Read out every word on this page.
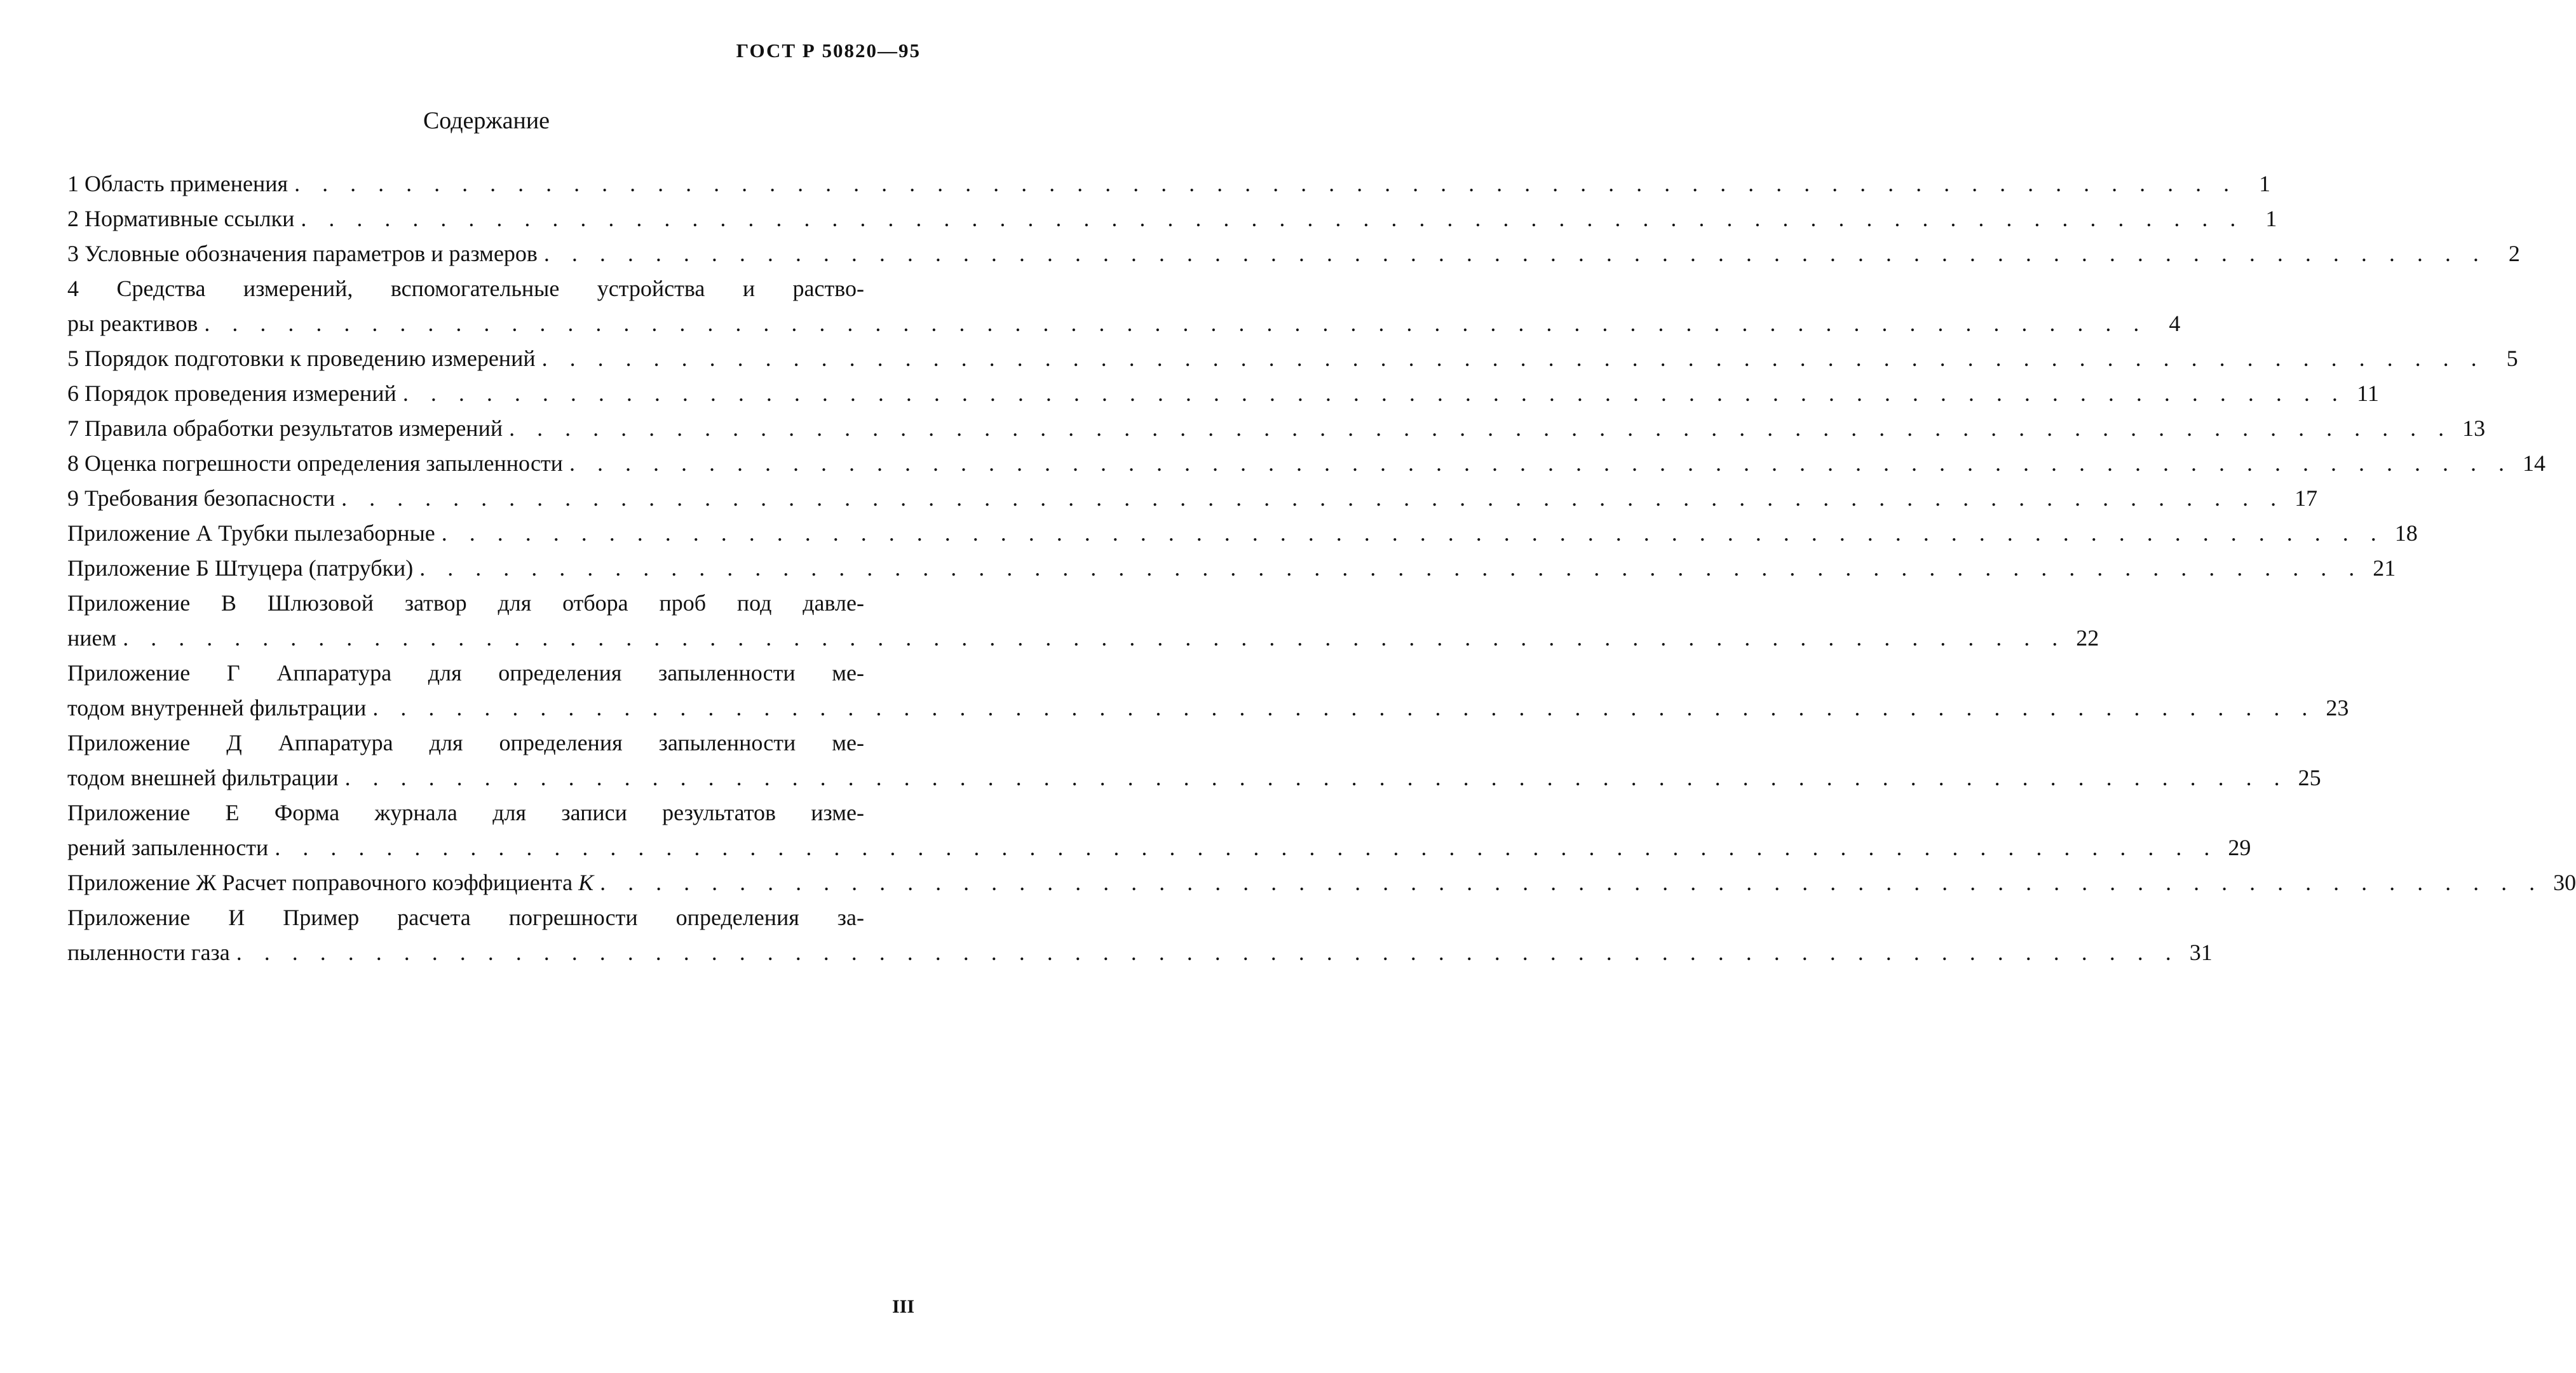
ГОСТ Р 50820—95
Содержание
1 Область применения . . . . . . . . . . . . . . . . . . . . . . . . . . . . . . . . . . . . . . . . . . . . . . . . . . . . . . . . . . . . . . . . . . . . . . 1
2 Нормативные ссылки . . . . . . . . . . . . . . . . . . . . . . . . . . . . . . . . . . . . . . . . . . . . . . . . . . . . . . . . . . . . . . . . . . . . . . 1
3 Условные обозначения параметров и размеров . . . . . . . . . . . . . . . . . . . . . . . . . . . . . . . . . . . . . . . . . . . . . . . . . . . . . . . . . . . . . . . . . . . . . . 2
4 Средства измерений, вспомогательные устройства и раство-
ры реактивов . . . . . . . . . . . . . . . . . . . . . . . . . . . . . . . . . . . . . . . . . . . . . . . . . . . . . . . . . . . . . . . . . . . . . . 4
5 Порядок подготовки к проведению измерений . . . . . . . . . . . . . . . . . . . . . . . . . . . . . . . . . . . . . . . . . . . . . . . . . . . . . . . . . . . . . . . . . . . . . . 5
6 Порядок проведения измерений . . . . . . . . . . . . . . . . . . . . . . . . . . . . . . . . . . . . . . . . . . . . . . . . . . . . . . . . . . . . . . . . . . . . . . 11
7 Правила обработки результатов измерений . . . . . . . . . . . . . . . . . . . . . . . . . . . . . . . . . . . . . . . . . . . . . . . . . . . . . . . . . . . . . . . . . . . . . . 13
8 Оценка погрешности определения запыленности . . . . . . . . . . . . . . . . . . . . . . . . . . . . . . . . . . . . . . . . . . . . . . . . . . . . . . . . . . . . . . . . . . . . . . 14
9 Требования безопасности . . . . . . . . . . . . . . . . . . . . . . . . . . . . . . . . . . . . . . . . . . . . . . . . . . . . . . . . . . . . . . . . . . . . . . 17
Приложение А Трубки пылезаборные . . . . . . . . . . . . . . . . . . . . . . . . . . . . . . . . . . . . . . . . . . . . . . . . . . . . . . . . . . . . . . . . . . . . . . 18
Приложение Б Штуцера (патрубки) . . . . . . . . . . . . . . . . . . . . . . . . . . . . . . . . . . . . . . . . . . . . . . . . . . . . . . . . . . . . . . . . . . . . . . 21
Приложение В Шлюзовой затвор для отбора проб под давле-
нием . . . . . . . . . . . . . . . . . . . . . . . . . . . . . . . . . . . . . . . . . . . . . . . . . . . . . . . . . . . . . . . . . . . . . . 22
Приложение Г Аппаратура для определения запыленности ме-
тодом внутренней фильтрации . . . . . . . . . . . . . . . . . . . . . . . . . . . . . . . . . . . . . . . . . . . . . . . . . . . . . . . . . . . . . . . . . . . . . . 23
Приложение Д Аппаратура для определения запыленности ме-
тодом внешней фильтрации . . . . . . . . . . . . . . . . . . . . . . . . . . . . . . . . . . . . . . . . . . . . . . . . . . . . . . . . . . . . . . . . . . . . . . 25
Приложение Е Форма журнала для записи результатов изме-
рений запыленности . . . . . . . . . . . . . . . . . . . . . . . . . . . . . . . . . . . . . . . . . . . . . . . . . . . . . . . . . . . . . . . . . . . . . . 29
Приложение Ж Расчет поправочного коэффициента K . . . . . . . . . . . . . . . . . . . . . . . . . . . . . . . . . . . . . . . . . . . . . . . . . . . . . . . . . . . . . . . . . . . . . . 30
Приложение И Пример расчета погрешности определения за-
пыленности газа . . . . . . . . . . . . . . . . . . . . . . . . . . . . . . . . . . . . . . . . . . . . . . . . . . . . . . . . . . . . . . . . . . . . . . 31
III
